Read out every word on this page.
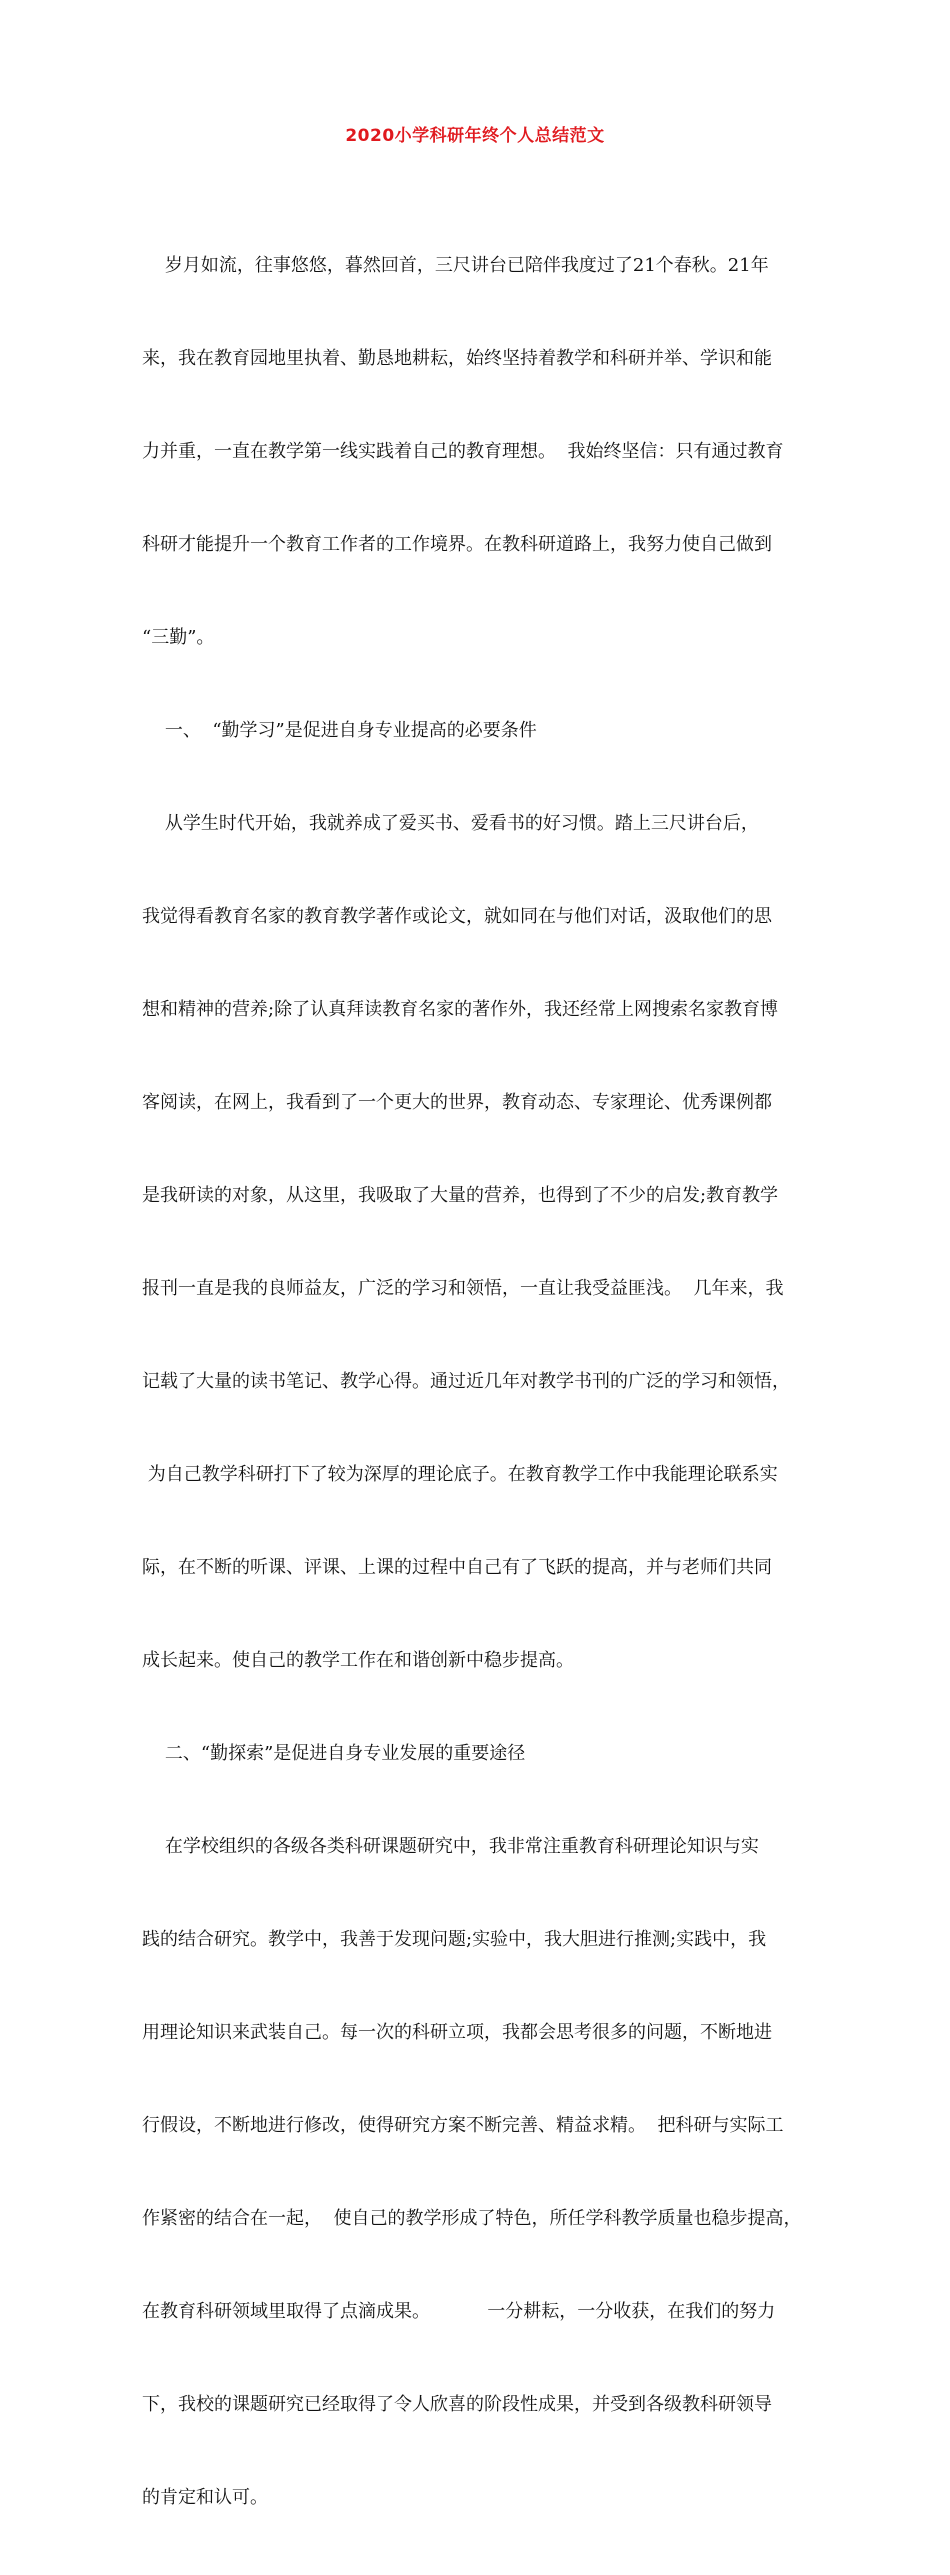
2020小学科研年终个人总结范文

岁月如流，往事悠悠，暮然回首，三尺讲台已陪伴我度过了21个春秋。21年

来，我在教育园地里执着、勤恳地耕耘，始终坚持着教学和科研并举、学识和能

力并重，一直在教学第一线实践着自己的教育理想。  我始终坚信：只有通过教育

科研才能提升一个教育工作者的工作境界。在教科研道路上，我努力使自己做到

“三勤”。

一、  “勤学习”是促进自身专业提高的必要条件

从学生时代开始，我就养成了爱买书、爱看书的好习惯。踏上三尺讲台后，

我觉得看教育名家的教育教学著作或论文，就如同在与他们对话，汲取他们的思

想和精神的营养;除了认真拜读教育名家的著作外，我还经常上网搜索名家教育博

客阅读，在网上，我看到了一个更大的世界，教育动态、专家理论、优秀课例都

是我研读的对象，从这里，我吸取了大量的营养，也得到了不少的启发;教育教学

报刊一直是我的良师益友，广泛的学习和领悟，一直让我受益匪浅。  几年来，我

记载了大量的读书笔记、教学心得。通过近几年对教学书刊的广泛的学习和领悟，

为自己教学科研打下了较为深厚的理论底子。在教育教学工作中我能理论联系实

际，在不断的听课、评课、上课的过程中自己有了飞跃的提高，并与老师们共同

成长起来。使自己的教学工作在和谐创新中稳步提高。

二、“勤探索”是促进自身专业发展的重要途径

在学校组织的各级各类科研课题研究中，我非常注重教育科研理论知识与实

践的结合研究。教学中，我善于发现问题;实验中，我大胆进行推测;实践中，我

用理论知识来武装自己。每一次的科研立项，我都会思考很多的问题，不断地进

行假设，不断地进行修改，使得研究方案不断完善、精益求精。  把科研与实际工

作紧密的结合在一起，  使自己的教学形成了特色，所任学科教学质量也稳步提高，

在教育科研领域里取得了点滴成果。          一分耕耘，一分收获，在我们的努力

下，我校的课题研究已经取得了令人欣喜的阶段性成果，并受到各级教科研领导

的肯定和认可。
